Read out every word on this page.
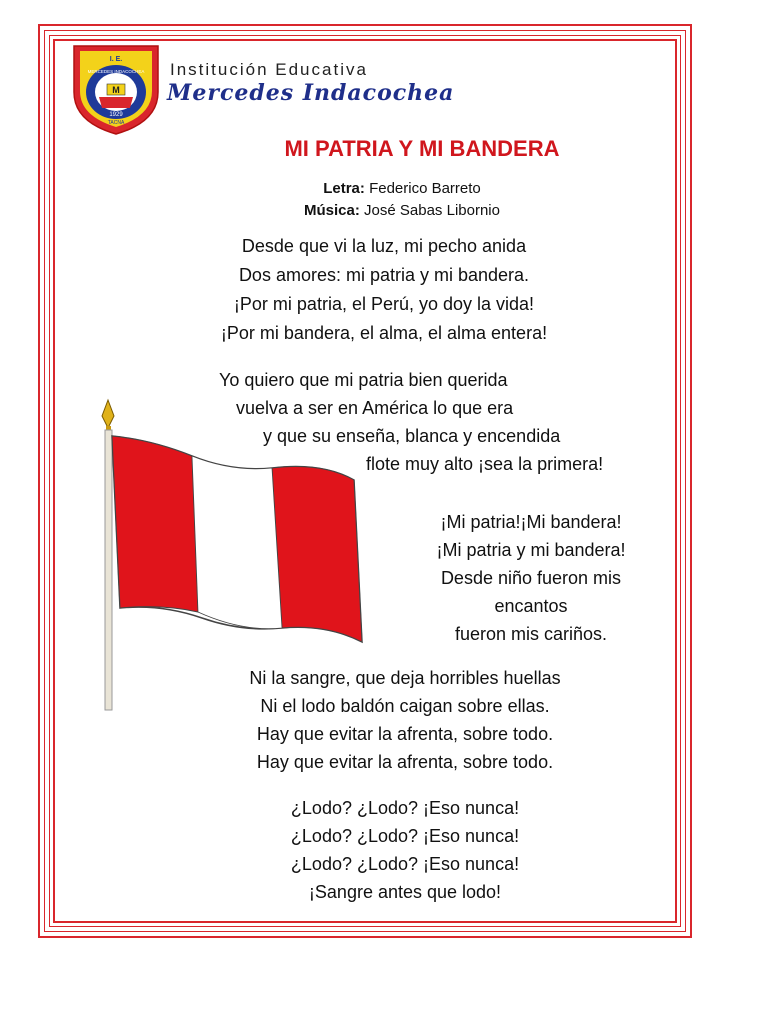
M
I. E.
MERCEDES INDACOCHEA
1929
TACNA
Institución Educativa
Mercedes Indacochea
MI PATRIA Y MI BANDERA
Letra: Federico Barreto
Música: José Sabas Libornio
Desde que vi la luz, mi pecho anida
Dos amores: mi patria y mi bandera.
¡Por mi patria, el Perú, yo doy la vida!
¡Por mi bandera, el alma, el alma entera!
Yo quiero que mi patria bien querida
vuelva a ser en América lo que era
y que su enseña, blanca y encendida
flote muy alto ¡sea la primera!
¡Mi patria!¡Mi bandera!
¡Mi patria y mi bandera!
Desde niño fueron mis
encantos
fueron mis cariños.
Ni la sangre, que deja horribles huellas
Ni el lodo baldón caigan sobre ellas.
Hay que evitar la afrenta, sobre todo.
Hay que evitar la afrenta, sobre todo.
¿Lodo? ¿Lodo? ¡Eso nunca!
¿Lodo? ¿Lodo? ¡Eso nunca!
¿Lodo? ¿Lodo? ¡Eso nunca!
¡Sangre antes que lodo!
